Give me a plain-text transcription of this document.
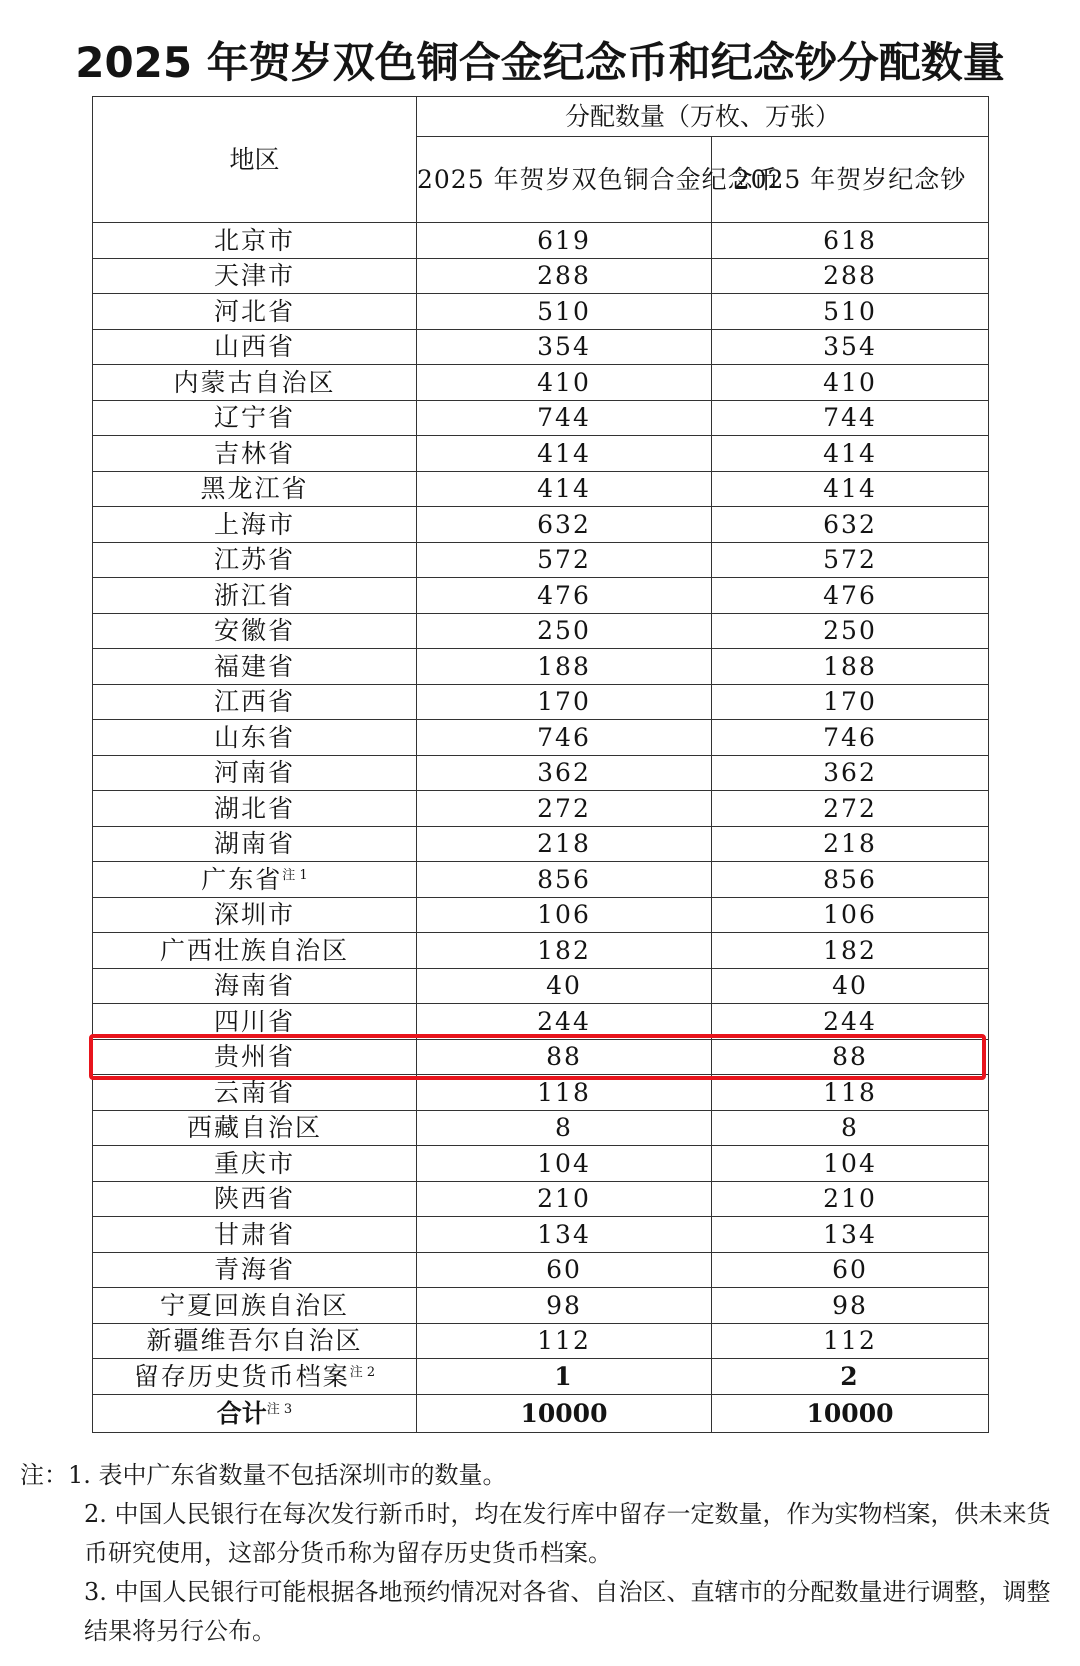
2025 年贺岁双色铜合金纪念币和纪念钞分配数量
地区	分配数量（万枚、万张）	
	2025 年贺岁双色铜合金纪念币	2025 年贺岁纪念钞
北京市	619	618
天津市	288	288
河北省	510	510
山西省	354	354
内蒙古自治区	410	410
辽宁省	744	744
吉林省	414	414
黑龙江省	414	414
上海市	632	632
江苏省	572	572
浙江省	476	476
安徽省	250	250
福建省	188	188
江西省	170	170
山东省	746	746
河南省	362	362
湖北省	272	272
湖南省	218	218
广东省$^{注 1}$	856	856
深圳市	106	106
广西壮族自治区	182	182
海南省	40	40
四川省	244	244
贵州省	88	88
云南省	118	118
西藏自治区	8	8
重庆市	104	104
陕西省	210	210
甘肃省	134	134
青海省	60	60
宁夏回族自治区	98	98
新疆维吾尔自治区	112	112
留存历史货币档案$^{注 2}$	1	2
合计$^{注 3}$	10000	10000

注：1. 表中广东省数量不包括深圳市的数量。

2. 中国人民银行在每次发行新币时，均在发行库中留存一定数量，作为实物档案，供未来货币研究使用，这部分货币称为留存历史货币档案。

3. 中国人民银行可能根据各地预约情况对各省、自治区、直辖市的分配数量进行调整，调整结果将另行公布。
